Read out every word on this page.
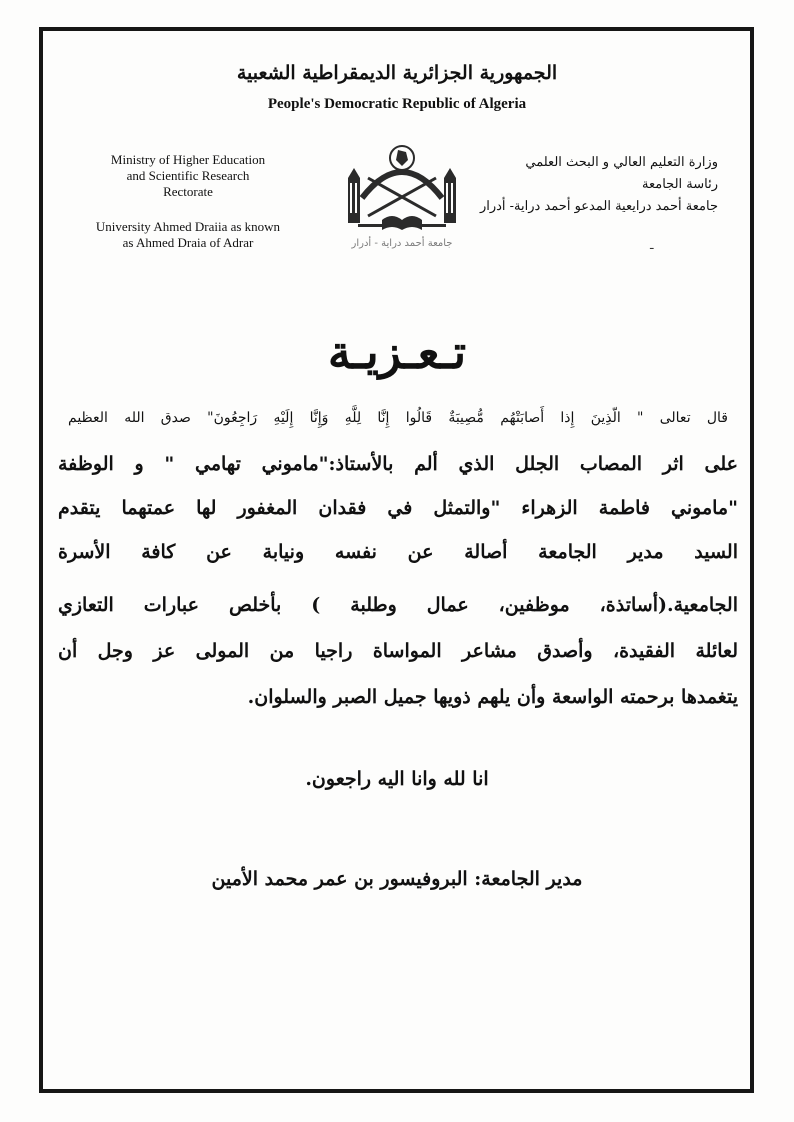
الجمهورية الجزائرية الديمقراطية الشعبية
People's Democratic Republic of Algeria
Ministry of Higher Education
and Scientific Research
Rectorate
University Ahmed Draiia as known
as Ahmed Draia of Adrar
وزارة التعليم العالي و البحث العلمي
رئاسة الجامعة
جامعة أحمد درايعية المدعو أحمد دراية- أدرار
ـ
جامعة أحمد دراية - أدرار
تـعـزيـة
قال تعالى " الّذِينَ إِذا أَصابَتْهُم مُّصِيبَةٌ قَالُوا إِنَّا لِلَّهِ وَإِنَّا إِلَيْهِ رَاجِعُونَ" صدق الله العظيم
على اثر المصاب الجلل الذي ألم بالأستاذ:"ماموني تهامي " و الوظفة
"ماموني فاطمة الزهراء "والتمثل في فقدان المغفور لها عمتهما يتقدم
السيد مدير الجامعة أصالة عن نفسه ونيابة عن كافة الأسرة
الجامعية.(أساتذة، موظفين، عمال وطلبة ) بأخلص عبارات التعازي
لعائلة الفقيدة، وأصدق مشاعر المواساة راجيا من المولى عز وجل أن
يتغمدها برحمته الواسعة وأن يلهم ذويها جميل الصبر والسلوان.
انا لله وانا اليه راجعون.
مدير الجامعة: البروفيسور بن عمر محمد الأمين
